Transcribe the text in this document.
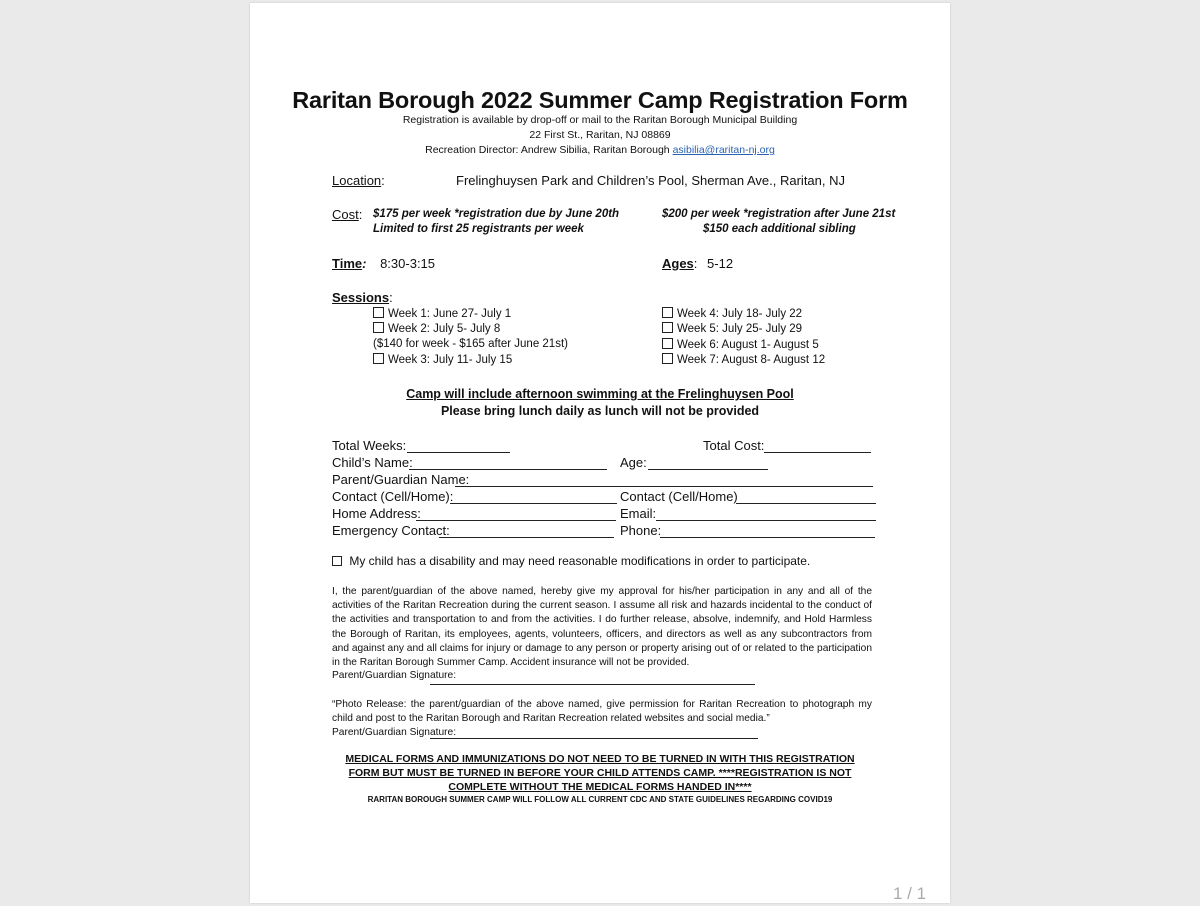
Raritan Borough 2022 Summer Camp Registration Form
Registration is available by drop-off or mail to the Raritan Borough Municipal Building
22 First St., Raritan, NJ 08869
Recreation Director: Andrew Sibilia, Raritan Borough asibilia@raritan-nj.org
Location:	Frelinghuysen Park and Children’s Pool, Sherman Ave., Raritan, NJ
Cost: $175 per week *registration due by June 20th
Limited to first 25 registrants per week
$200 per week *registration after June 21st
$150 each additional sibling
Time: 8:30-3:15	Ages: 5-12
Sessions:
Week 1: June 27- July 1
Week 2: July 5- July 8
($140 for week - $165 after June 21st)
Week 3: July 11- July 15
Week 4: July 18- July 22
Week 5: July 25- July 29
Week 6: August 1- August 5
Week 7: August 8- August 12
Camp will include afternoon swimming at the Frelinghuysen Pool
Please bring lunch daily as lunch will not be provided
Total Weeks:	Total Cost:
Child’s Name:	Age:
Parent/Guardian Name:
Contact (Cell/Home):	Contact (Cell/Home)
Home Address:	Email:
Emergency Contact:	Phone:
My child has a disability and may need reasonable modifications in order to participate.
I, the parent/guardian of the above named, hereby give my approval for his/her participation in any and all of the activities of the Raritan Recreation during the current season. I assume all risk and hazards incidental to the conduct of the activities and transportation to and from the activities. I do further release, absolve, indemnify, and Hold Harmless the Borough of Raritan, its employees, agents, volunteers, officers, and directors as well as any subcontractors from and against any and all claims for injury or damage to any person or property arising out of or related to the participation in the Raritan Borough Summer Camp. Accident insurance will not be provided.
Parent/Guardian Signature:
“Photo Release: the parent/guardian of the above named, give permission for Raritan Recreation to photograph my child and post to the Raritan Borough and Raritan Recreation related websites and social media.”
Parent/Guardian Signature:
MEDICAL FORMS AND IMMUNIZATIONS DO NOT NEED TO BE TURNED IN WITH THIS REGISTRATION FORM BUT MUST BE TURNED IN BEFORE YOUR CHILD ATTENDS CAMP. ****REGISTRATION IS NOT COMPLETE WITHOUT THE MEDICAL FORMS HANDED IN****
RARITAN BOROUGH SUMMER CAMP WILL FOLLOW ALL CURRENT CDC AND STATE GUIDELINES REGARDING COVID19
1 / 1
